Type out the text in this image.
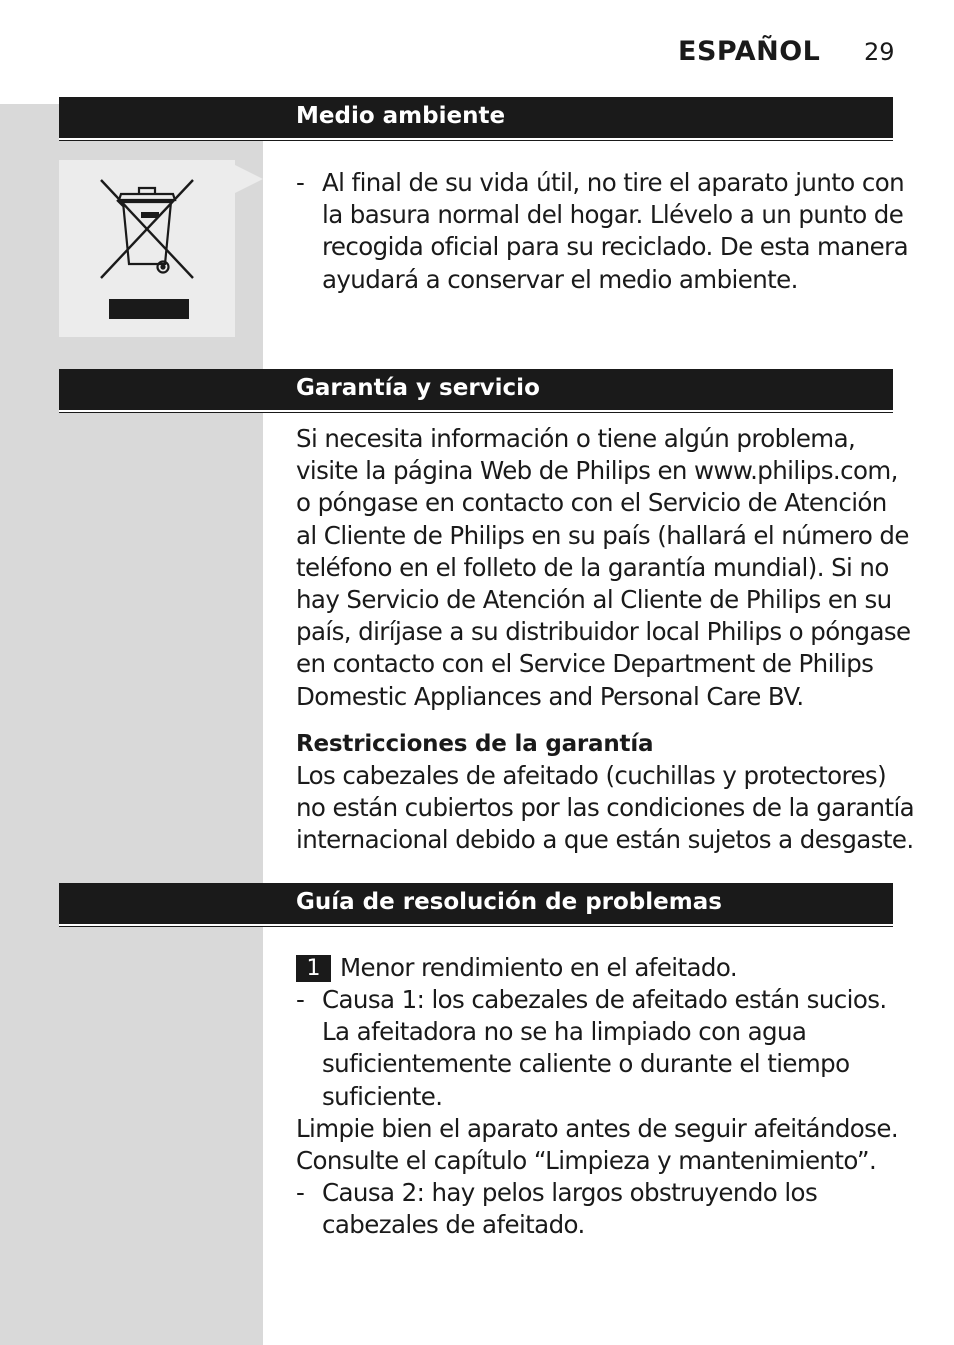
ESPAÑOL 29
Medio ambiente
- Al final de su vida útil, no tire el aparato junto con
la basura normal del hogar. Llévelo a un punto de
recogida oficial para su reciclado. De esta manera
ayudará a conservar el medio ambiente.
Garantía y servicio
Si necesita información o tiene algún problema,
visite la página Web de Philips en www.philips.com,
o póngase en contacto con el Servicio de Atención
al Cliente de Philips en su país (hallará el número de
teléfono en el folleto de la garantía mundial). Si no
hay Servicio de Atención al Cliente de Philips en su
país, diríjase a su distribuidor local Philips o póngase
en contacto con el Service Department de Philips
Domestic Appliances and Personal Care BV.
Restricciones de la garantía
Los cabezales de afeitado (cuchillas y protectores)
no están cubiertos por las condiciones de la garantía
internacional debido a que están sujetos a desgaste.
Guía de resolución de problemas
1 Menor rendimiento en el afeitado.
- Causa 1: los cabezales de afeitado están sucios.
La afeitadora no se ha limpiado con agua
suficientemente caliente o durante el tiempo
suficiente.
Limpie bien el aparato antes de seguir afeitándose.
Consulte el capítulo “Limpieza y mantenimiento”.
- Causa 2: hay pelos largos obstruyendo los
cabezales de afeitado.
